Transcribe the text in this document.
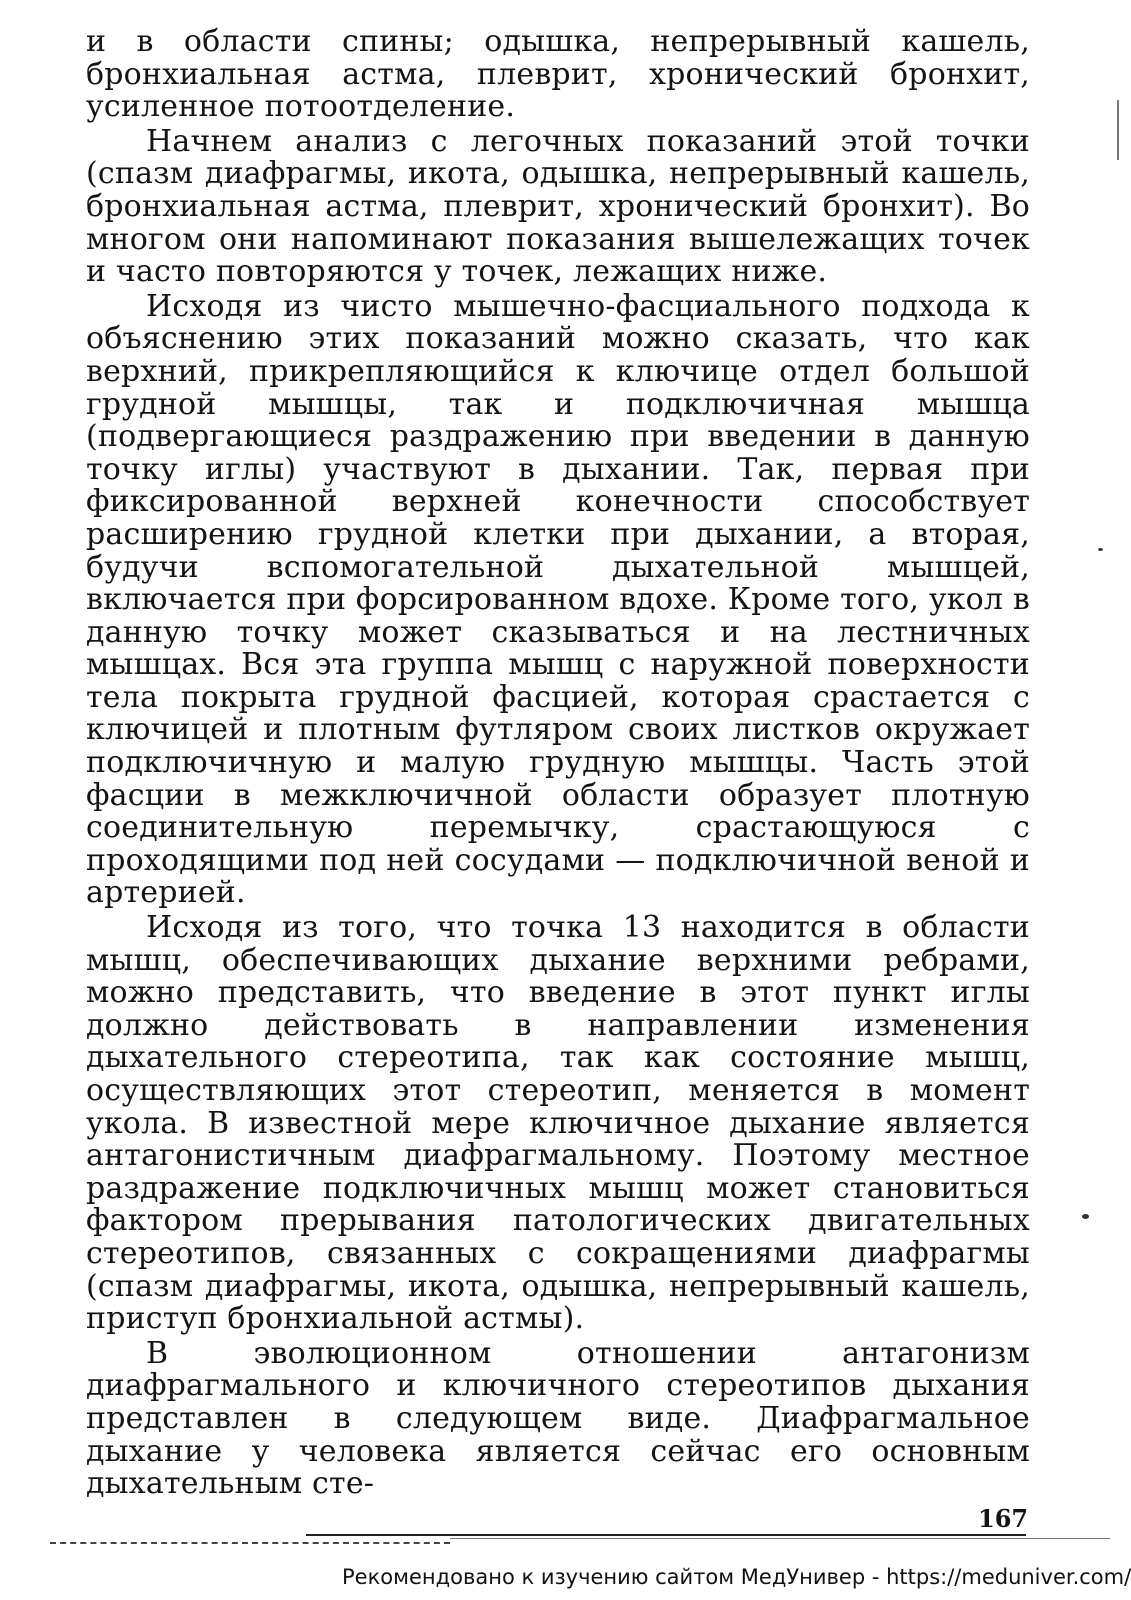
и в области спины; одышка, непрерывный кашель, бронхиальная астма, плеврит, хронический бронхит, усиленное потоотделение.

Начнем анализ с легочных показаний этой точки (спазм диафрагмы, икота, одышка, непрерывный кашель, бронхиальная астма, плеврит, хронический бронхит). Во многом они напоминают показания вышележащих точек и часто повторяются у точек, лежащих ниже.

Исходя из чисто мышечно-фасциального подхода к объяснению этих показаний можно сказать, что как верхний, прикрепляющийся к ключице отдел большой грудной мышцы, так и подключичная мышца (подвергающиеся раздражению при введении в данную точку иглы) участвуют в дыхании. Так, первая при фиксированной верхней конечности способствует расширению грудной клетки при дыхании, а вторая, будучи вспомогательной дыхательной мышцей, включается при форсированном вдохе. Кроме того, укол в данную точку может сказываться и на лестничных мышцах. Вся эта группа мышц с наружной поверхности тела покрыта грудной фасцией, которая срастается с ключицей и плотным футляром своих листков окружает подключичную и малую грудную мышцы. Часть этой фасции в межключичной области образует плотную соединительную перемычку, срастающуюся с проходящими под ней сосудами — подключичной веной и артерией.

Исходя из того, что точка 13 находится в области мышц, обеспечивающих дыхание верхними ребрами, можно представить, что введение в этот пункт иглы должно действовать в направлении изменения дыхательного стереотипа, так как состояние мышц, осуществляющих этот стереотип, меняется в момент укола. В известной мере ключичное дыхание является антагонистичным диафрагмальному. Поэтому местное раздражение подключичных мышц может становиться фактором прерывания патологических двигательных стереотипов, связанных с сокращениями диафрагмы (спазм диафрагмы, икота, одышка, непрерывный кашель, приступ бронхиальной астмы).

В эволюционном отношении антагонизм диафрагмального и ключичного стереотипов дыхания представлен в следующем виде. Диафрагмальное дыхание у человека является сейчас его основным дыхательным сте-

167
Рекомендовано к изучению сайтом МедУнивер - https://meduniver.com/
